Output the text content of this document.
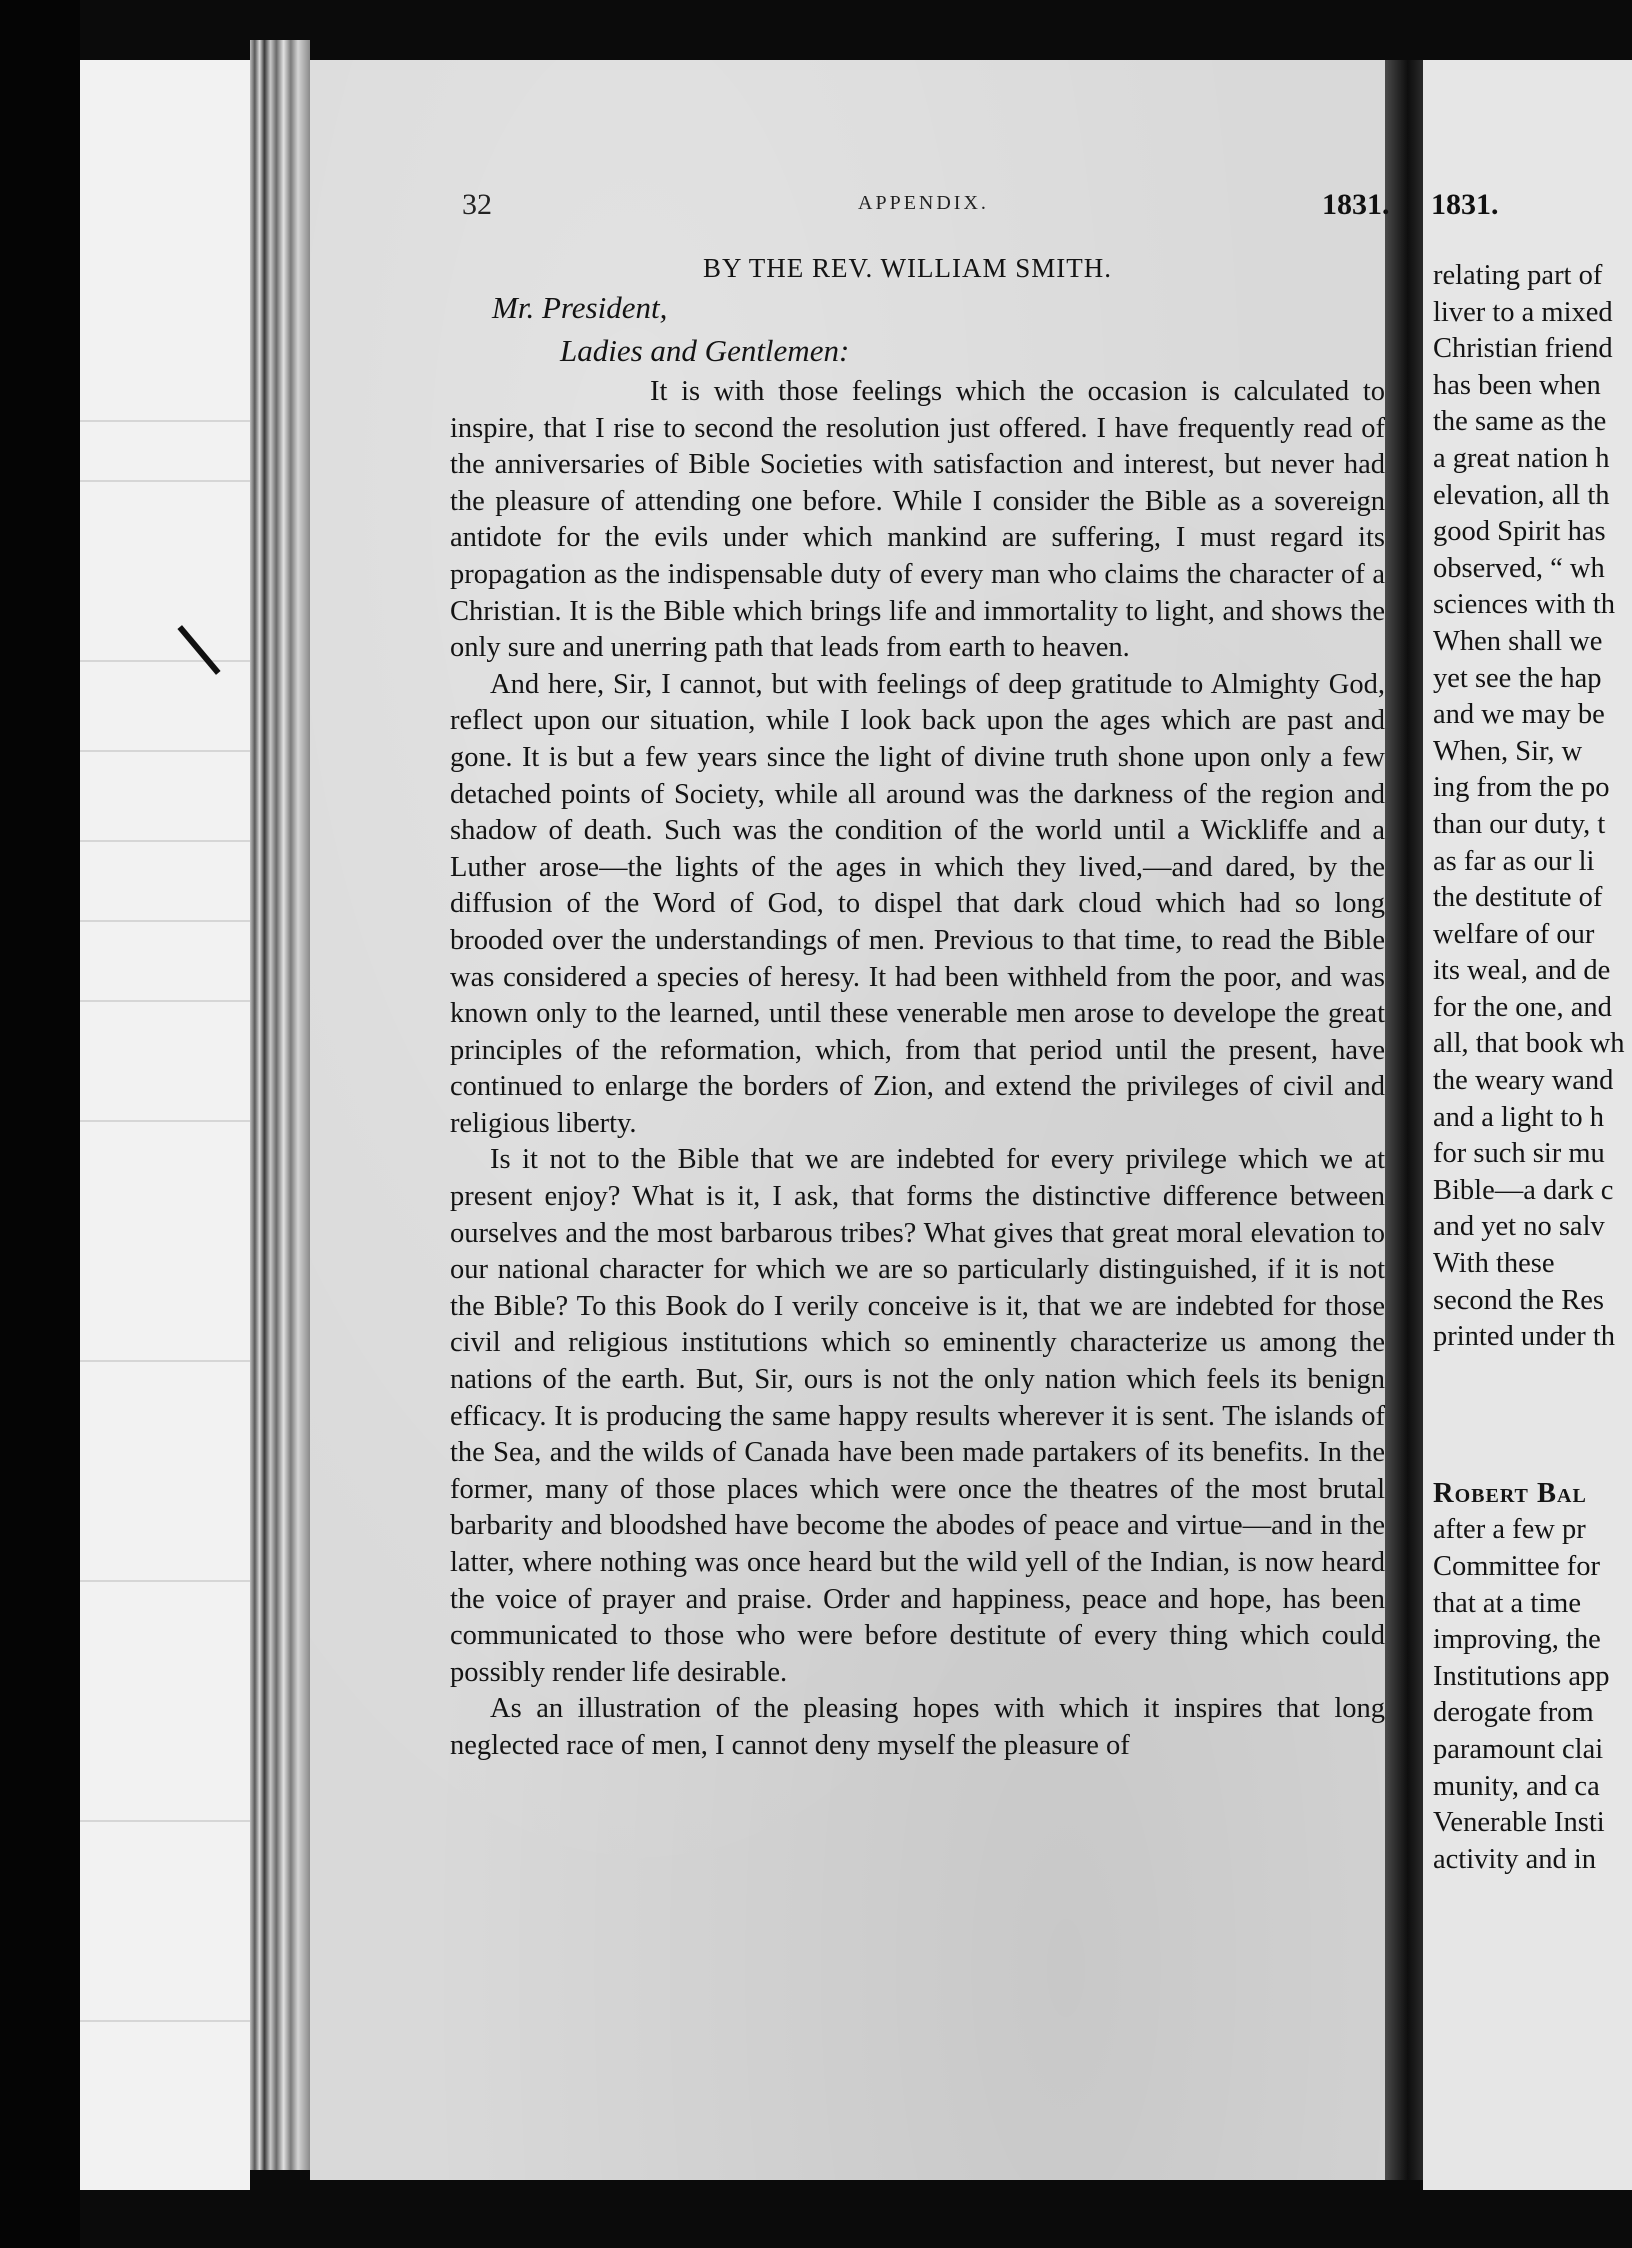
1831.
relating part of
liver to a mixed
Christian friend
has been when
the same as the
a great nation h
elevation, all th
good Spirit has
observed, “ wh
sciences with th
When shall we
yet see the hap
and we may be
When, Sir, w
ing from the po
than our duty, t
as far as our li
the destitute of
welfare of our
its weal, and de
for the one, and
all, that book wh
the weary wand
and a light to h
for such sir mu
Bible—a dark c
and yet no salv
With these
second the Res
printed under th
Robert Bal
after a few pr
Committee for
that at a time
improving, the
Institutions app
derogate from
paramount clai
munity, and ca
Venerable Insti
activity and in
32	APPENDIX.	1831.
BY THE REV. WILLIAM SMITH.
Mr. President,
Ladies and Gentlemen:

It is with those feelings which the occasion is calculated to inspire, that I rise to second the resolution just offered. I have frequently read of the anniversaries of Bible Societies with satisfaction and interest, but never had the pleasure of attending one before. While I consider the Bible as a sovereign antidote for the evils under which mankind are suffering, I must regard its propagation as the indispensable duty of every man who claims the character of a Christian. It is the Bible which brings life and immortality to light, and shows the only sure and unerring path that leads from earth to heaven.

And here, Sir, I cannot, but with feelings of deep gratitude to Almighty God, reflect upon our situation, while I look back upon the ages which are past and gone. It is but a few years since the light of divine truth shone upon only a few detached points of Society, while all around was the darkness of the region and shadow of death. Such was the condition of the world until a Wickliffe and a Luther arose—the lights of the ages in which they lived,—and dared, by the diffusion of the Word of God, to dispel that dark cloud which had so long brooded over the understandings of men. Previous to that time, to read the Bible was considered a species of heresy. It had been withheld from the poor, and was known only to the learned, until these venerable men arose to develope the great principles of the reformation, which, from that period until the present, have continued to enlarge the borders of Zion, and extend the privileges of civil and religious liberty.

Is it not to the Bible that we are indebted for every privilege which we at present enjoy? What is it, I ask, that forms the distinctive difference between ourselves and the most barbarous tribes? What gives that great moral elevation to our national character for which we are so particularly distinguished, if it is not the Bible? To this Book do I verily conceive is it, that we are indebted for those civil and religious institutions which so eminently characterize us among the nations of the earth. But, Sir, ours is not the only nation which feels its benign efficacy. It is producing the same happy results wherever it is sent. The islands of the Sea, and the wilds of Canada have been made partakers of its benefits. In the former, many of those places which were once the theatres of the most brutal barbarity and bloodshed have become the abodes of peace and virtue—and in the latter, where nothing was once heard but the wild yell of the Indian, is now heard the voice of prayer and praise. Order and happiness, peace and hope, has been communicated to those who were before destitute of every thing which could possibly render life desirable.

As an illustration of the pleasing hopes with which it inspires that long neglected race of men, I cannot deny myself the pleasure of
